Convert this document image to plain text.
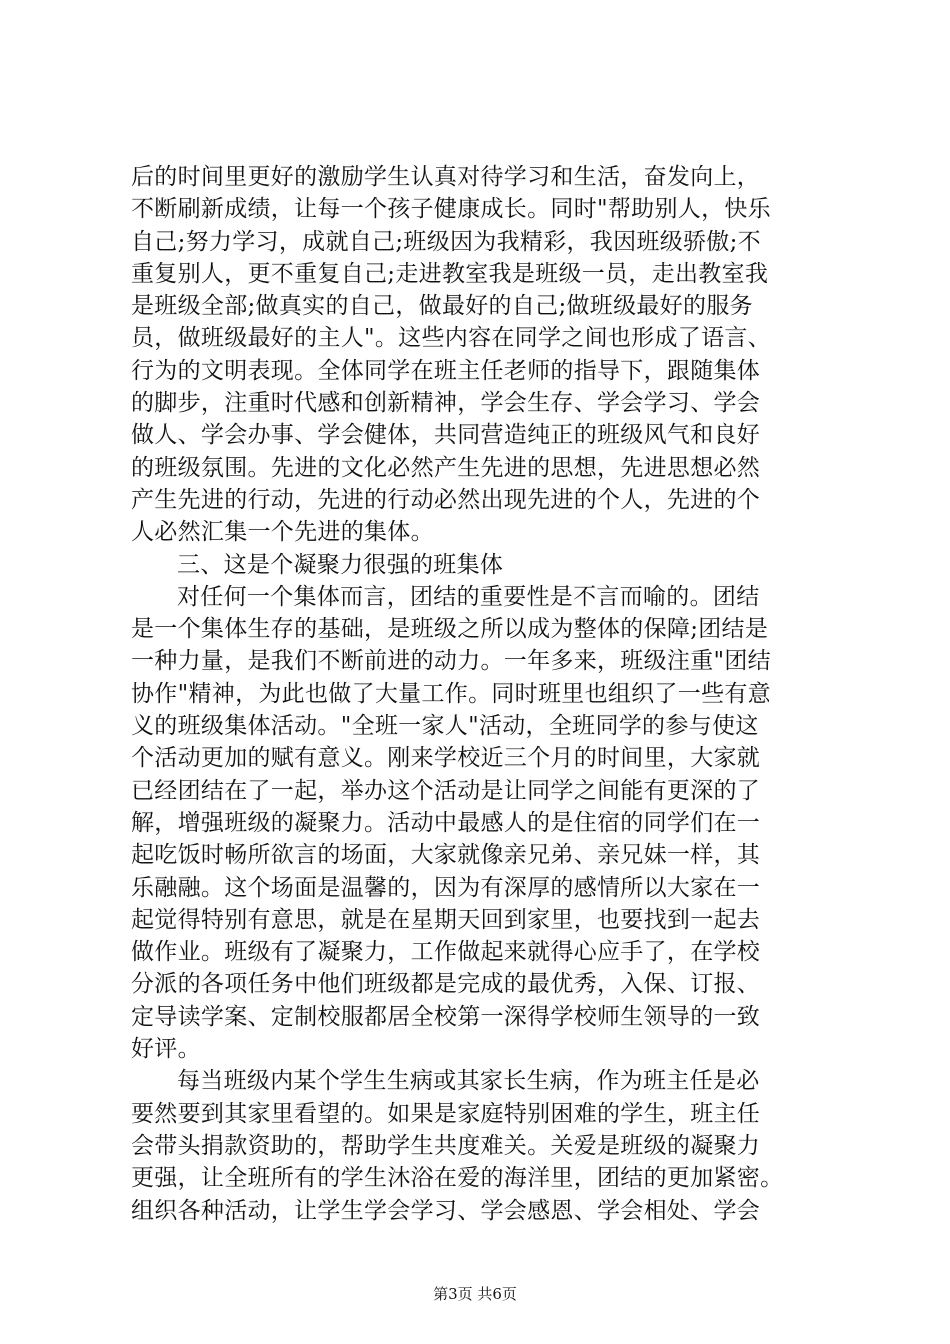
后的时间里更好的激励学生认真对待学习和生活，奋发向上，
不断刷新成绩，让每一个孩子健康成长。同时"帮助别人，快乐
自己;努力学习，成就自己;班级因为我精彩，我因班级骄傲;不
重复别人，更不重复自己;走进教室我是班级一员，走出教室我
是班级全部;做真实的自己，做最好的自己;做班级最好的服务
员，做班级最好的主人"。这些内容在同学之间也形成了语言、
行为的文明表现。全体同学在班主任老师的指导下，跟随集体
的脚步，注重时代感和创新精神，学会生存、学会学习、学会
做人、学会办事、学会健体，共同营造纯正的班级风气和良好
的班级氛围。先进的文化必然产生先进的思想，先进思想必然
产生先进的行动，先进的行动必然出现先进的个人，先进的个
人必然汇集一个先进的集体。
三、这是个凝聚力很强的班集体
对任何一个集体而言，团结的重要性是不言而喻的。团结
是一个集体生存的基础，是班级之所以成为整体的保障;团结是
一种力量，是我们不断前进的动力。一年多来，班级注重"团结
协作"精神，为此也做了大量工作。同时班里也组织了一些有意
义的班级集体活动。"全班一家人"活动，全班同学的参与使这
个活动更加的赋有意义。刚来学校近三个月的时间里，大家就
已经团结在了一起，举办这个活动是让同学之间能有更深的了
解，增强班级的凝聚力。活动中最感人的是住宿的同学们在一
起吃饭时畅所欲言的场面，大家就像亲兄弟、亲兄妹一样，其
乐融融。这个场面是温馨的，因为有深厚的感情所以大家在一
起觉得特别有意思，就是在星期天回到家里，也要找到一起去
做作业。班级有了凝聚力，工作做起来就得心应手了，在学校
分派的各项任务中他们班级都是完成的最优秀，入保、订报、
定导读学案、定制校服都居全校第一深得学校师生领导的一致
好评。
每当班级内某个学生生病或其家长生病，作为班主任是必
要然要到其家里看望的。如果是家庭特别困难的学生，班主任
会带头捐款资助的，帮助学生共度难关。关爱是班级的凝聚力
更强，让全班所有的学生沐浴在爱的海洋里，团结的更加紧密。
组织各种活动，让学生学会学习、学会感恩、学会相处、学会
第3页 共6页
